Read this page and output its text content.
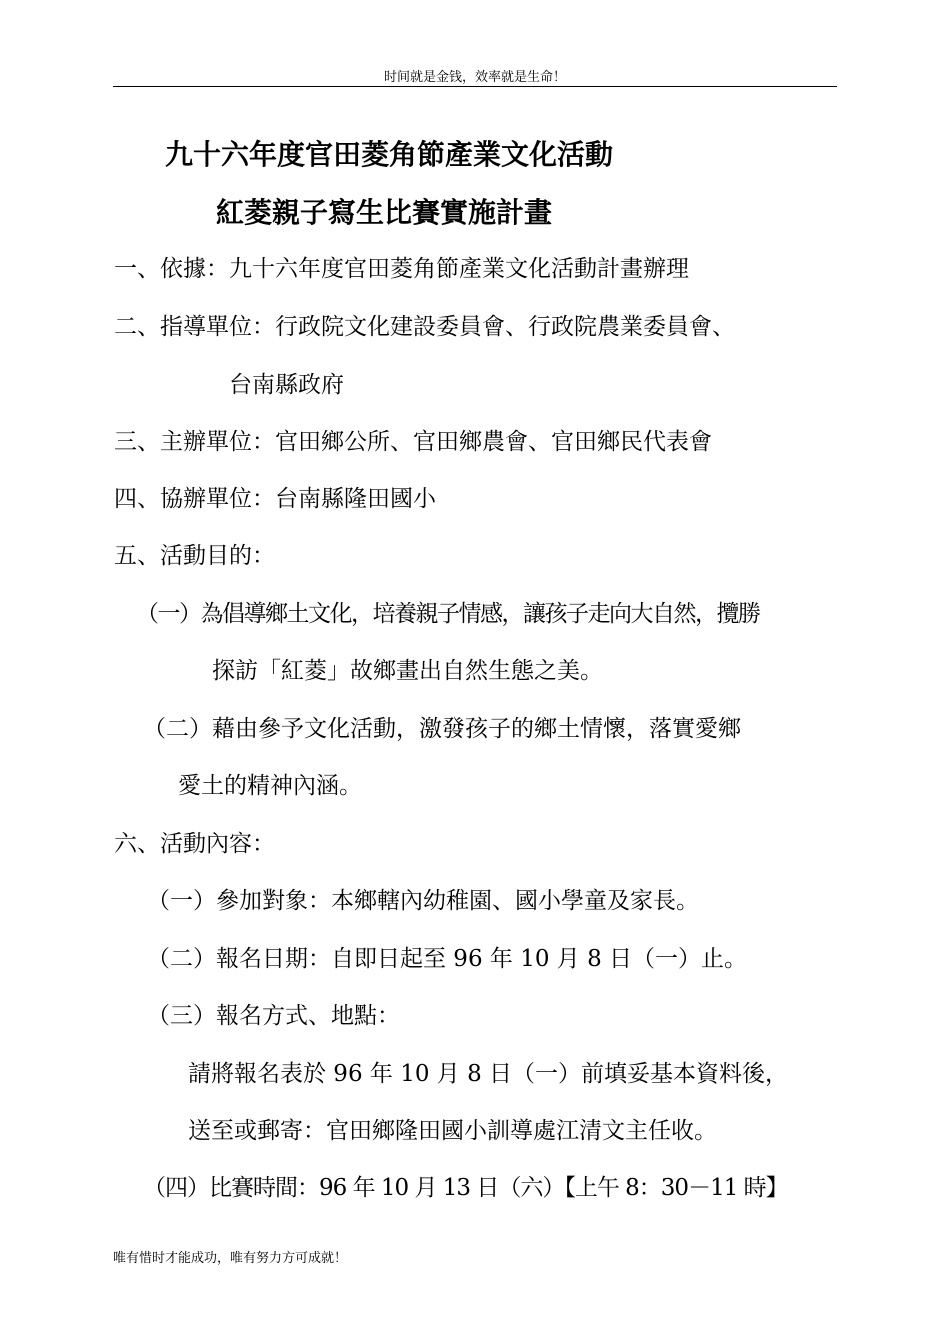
时间就是金钱，效率就是生命！
九十六年度官田菱角節產業文化活動
紅菱親子寫生比賽實施計畫
一、依據：九十六年度官田菱角節產業文化活動計畫辦理
二、指導單位：行政院文化建設委員會、行政院農業委員會、
台南縣政府
三、主辦單位：官田鄉公所、官田鄉農會、官田鄉民代表會
四、協辦單位：台南縣隆田國小
五、活動目的：
（一）為倡導鄉土文化，培養親子情感，讓孩子走向大自然，攬勝
探訪「紅菱」故鄉畫出自然生態之美。
（二）藉由參予文化活動，激發孩子的鄉土情懷，落實愛鄉
愛土的精神內涵。
六、活動內容：
（一）參加對象：本鄉轄內幼稚園、國小學童及家長。
（二）報名日期：自即日起至 96 年 10 月 8 日（一）止。
（三）報名方式、地點：
請將報名表於 96 年 10 月 8 日（一）前填妥基本資料後，
送至或郵寄：官田鄉隆田國小訓導處江清文主任收。
（四）比賽時間：96 年 10 月 13 日（六）【上午 8：30－11 時】
唯有惜时才能成功，唯有努力方可成就！
